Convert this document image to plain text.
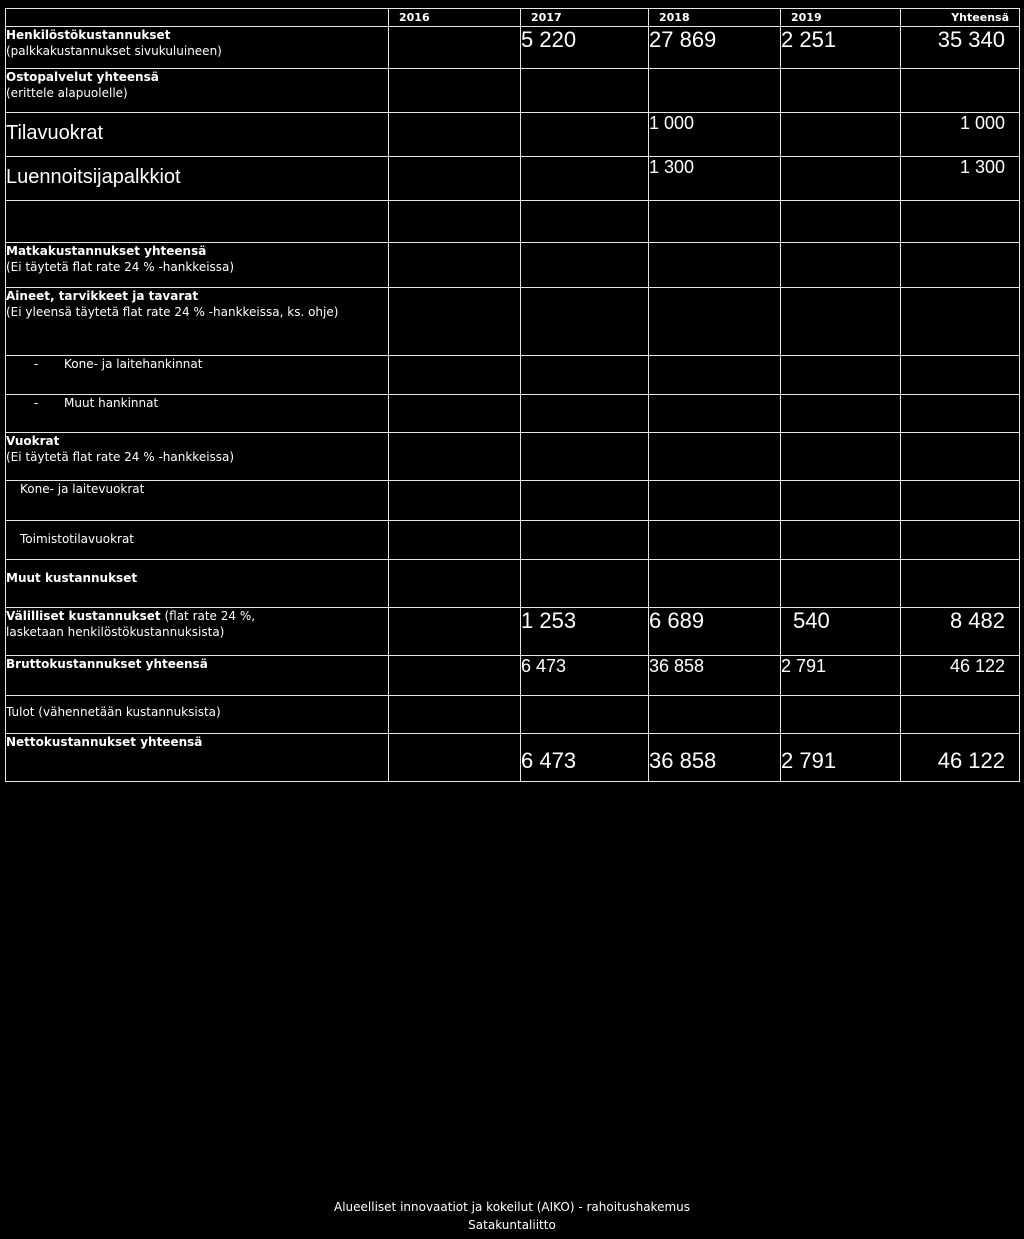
	2016	2017	2018	2019	Yhteensä

Henkilöstökustannukset
(palkkakustannukset sivukuluineen)		5 220	27 869	2 251	35 340

Ostopalvelut yhteensä
(erittele alapuolelle)					

Tilavuokrat			1 000		1 000
Luennoitsijapalkkiot			1 300		1 300

Matkakustannukset yhteensä
(Ei täytetä flat rate 24 % -hankkeissa)					

Aineet, tarvikkeet ja tavarat
(Ei yleensä täytetä flat rate 24 % -hankkeissa, ks. ohje)					

- Kone- ja laitehankinnat					
- Muut hankinnat					

Vuokrat
(Ei täytetä flat rate 24 % -hankkeissa)					

Kone- ja laitevuokrat					
Toimistotilavuokrat					

Muut kustannukset					

Välilliset kustannukset (flat rate 24 %,
lasketaan henkilöstökustannuksista)		1 253	6 689	540	8 482

Bruttokustannukset yhteensä		6 473	36 858	2 791	46 122
Tulot (vähennetään kustannuksista)					

Nettokustannukset yhteensä		6 473	36 858	2 791	46 122
Alueelliset innovaatiot ja kokeilut (AIKO) - rahoitushakemus
Satakuntaliitto
